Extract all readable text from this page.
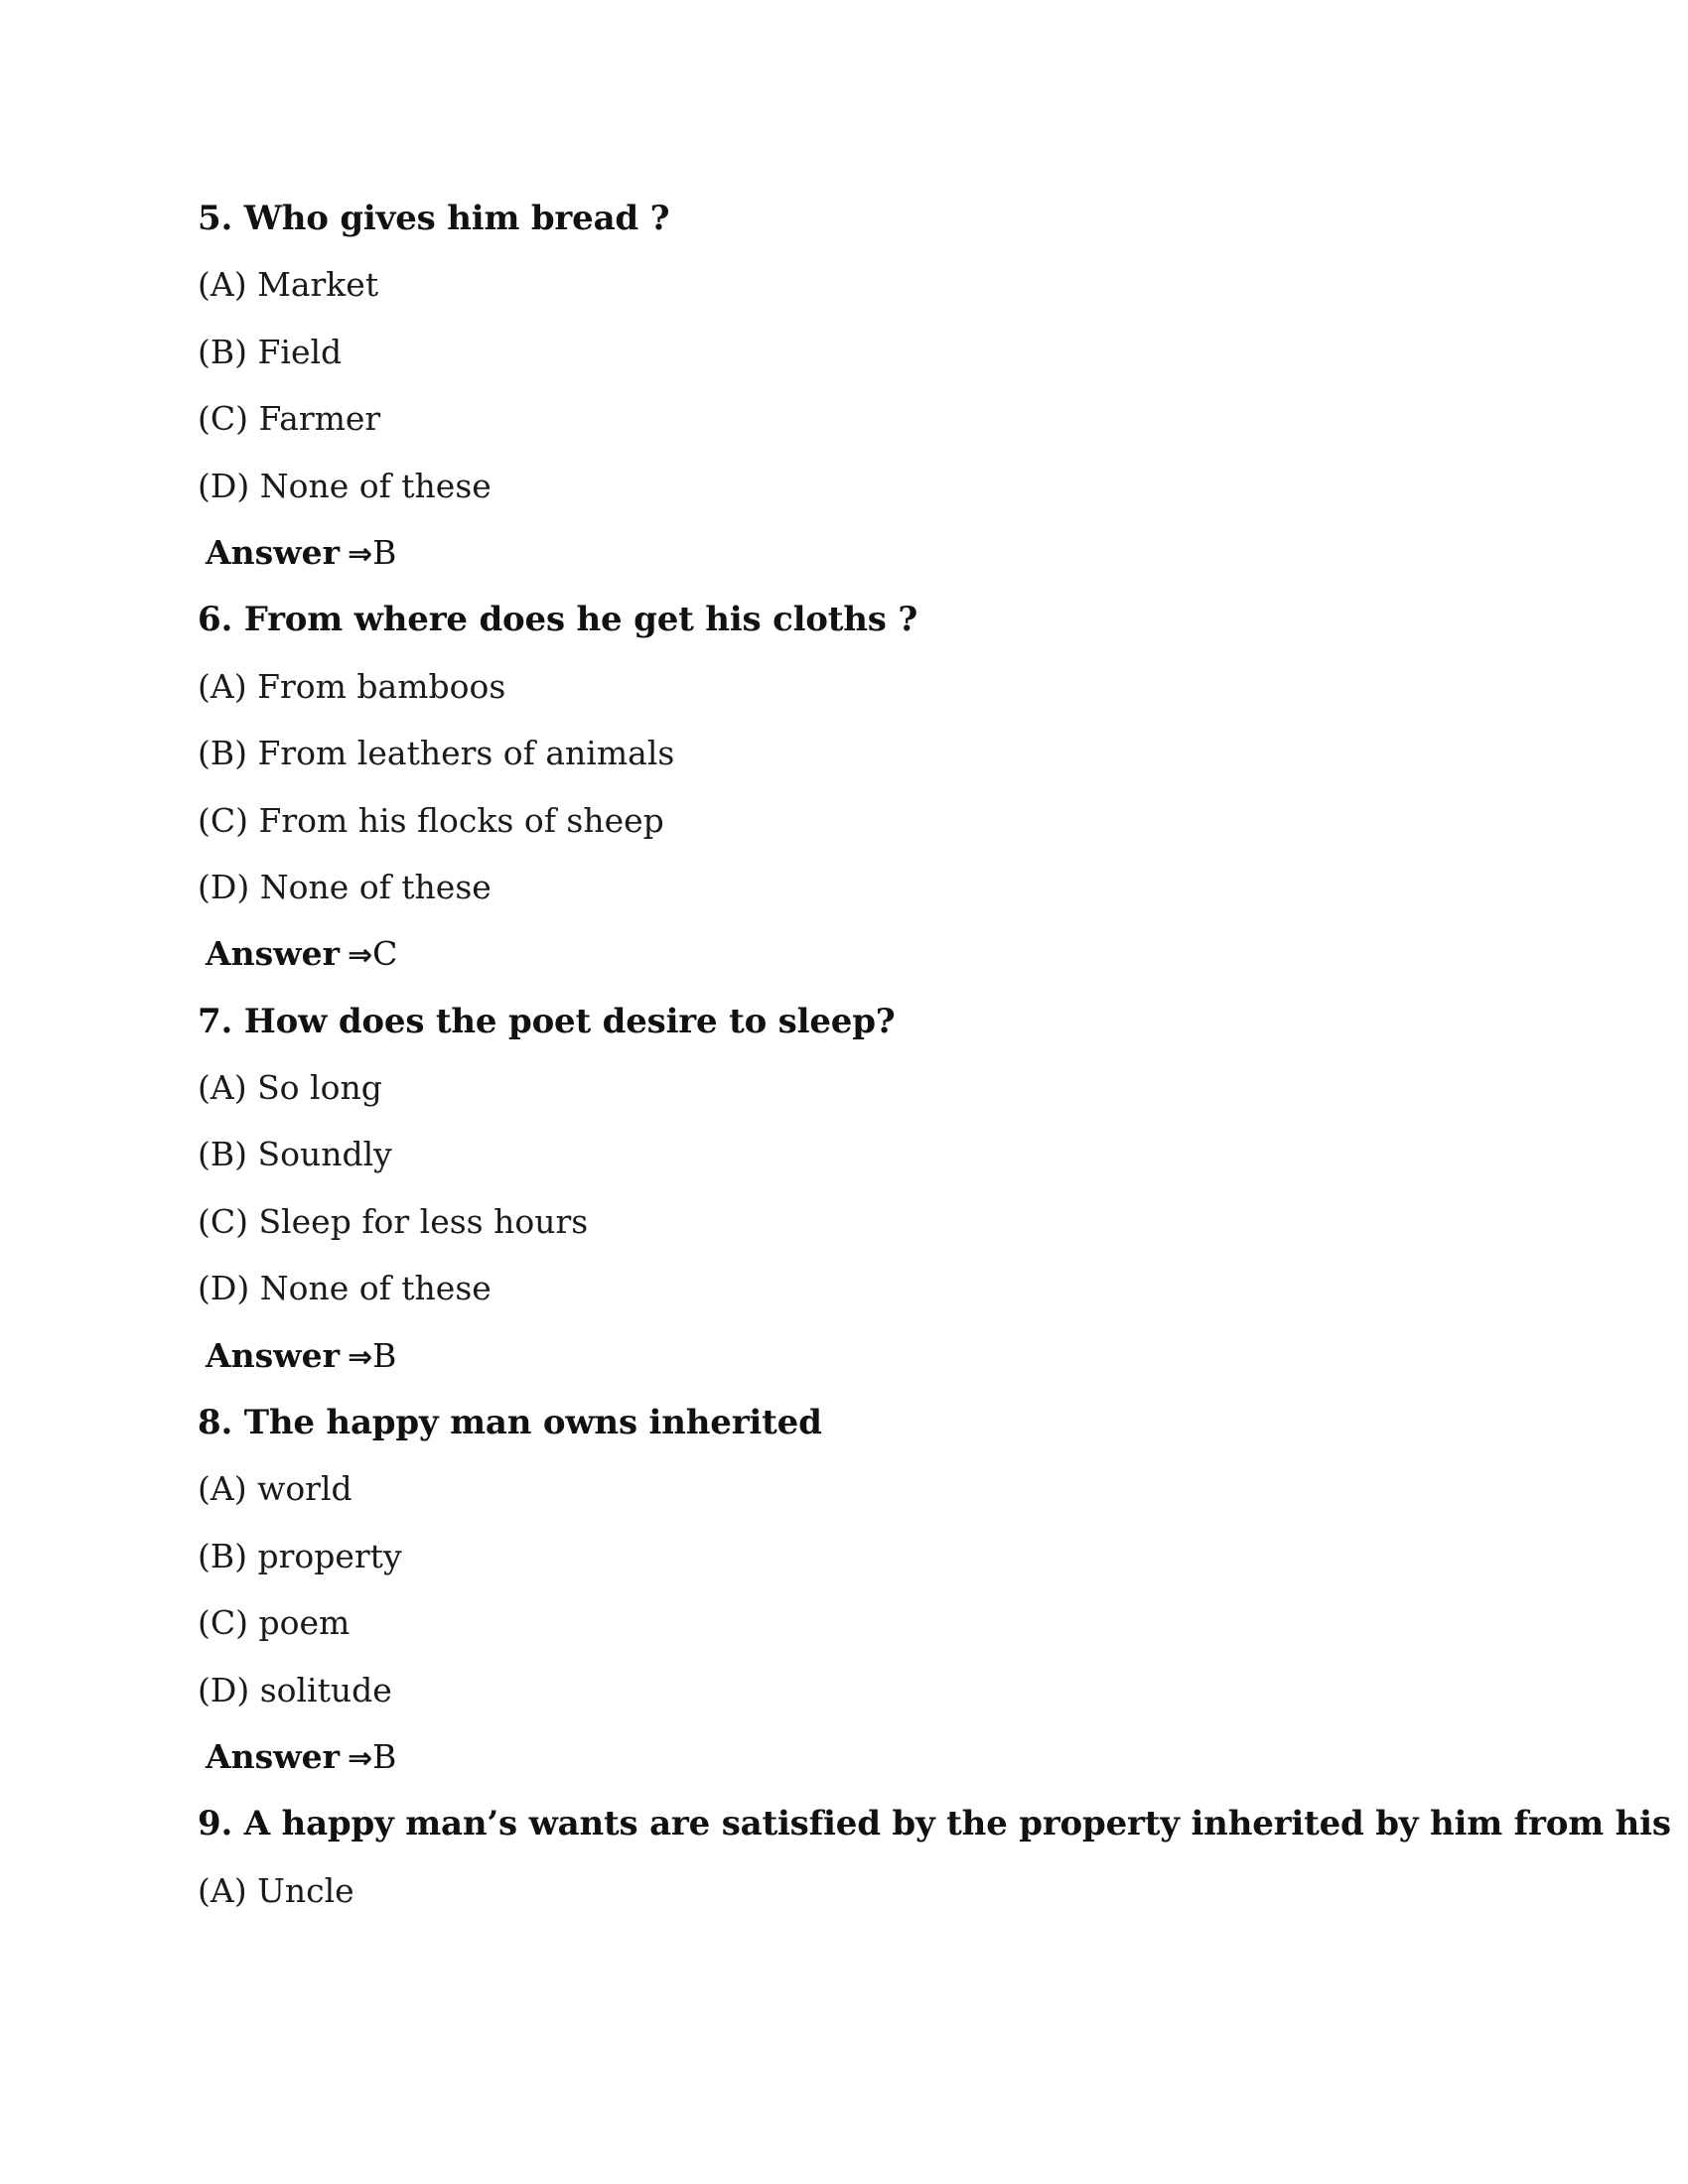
5. Who gives him bread ?
(A) Market
(B) Field
(C) Farmer
(D) None of these
Answer ⇒B
6. From where does he get his cloths ?
(A) From bamboos
(B) From leathers of animals
(C) From his flocks of sheep
(D) None of these
Answer ⇒C
7. How does the poet desire to sleep?
(A) So long
(B) Soundly
(C) Sleep for less hours
(D) None of these
Answer ⇒B
8. The happy man owns inherited
(A) world
(B) property
(C) poem
(D) solitude
Answer ⇒B
9. A happy man’s wants are satisfied by the property inherited by him from his
(A) Uncle
